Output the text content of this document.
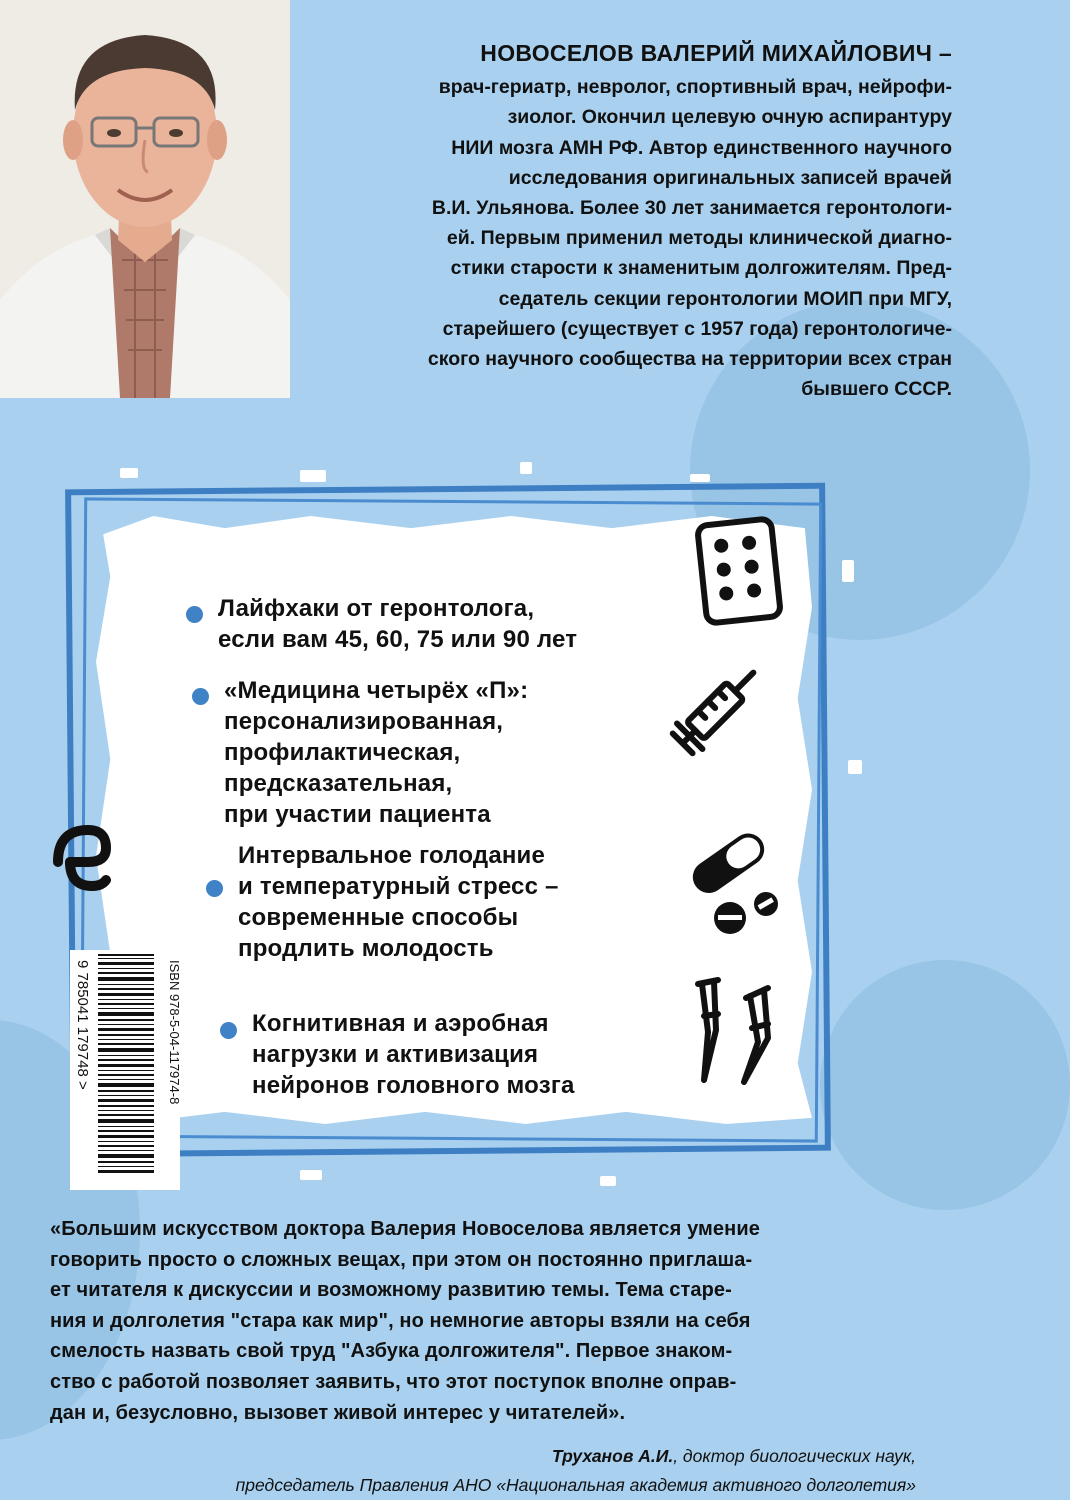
НОВОСЕЛОВ ВАЛЕРИЙ МИХАЙЛОВИЧ –
врач-гериатр, невролог, спортивный врач, нейрофи-
зиолог. Окончил целевую очную аспирантуру
НИИ мозга АМН РФ. Автор единственного научного
исследования оригинальных записей врачей
В.И. Ульянова. Более 30 лет занимается геронтологи-
ей. Первым применил методы клинической диагно-
стики старости к знаменитым долгожителям. Пред-
седатель секции геронтологии МОИП при МГУ,
старейшего (существует с 1957 года) геронтологиче-
ского научного сообщества на территории всех стран
бывшего СССР.
Лайфхаки от геронтолога,
если вам 45, 60, 75 или 90 лет
«Медицина четырёх «П»:
персонализированная,
профилактическая,
предсказательная,
при участии пациента
Интервальное голодание
и температурный стресс –
современные способы
продлить молодость
Когнитивная и аэробная
нагрузки и активизация
нейронов головного мозга
ISBN 978-5-04-117974-8
9 785041 179748 >
«Большим искусством доктора Валерия Новоселова является умение
говорить просто о сложных вещах, при этом он постоянно приглаша-
ет читателя к дискуссии и возможному развитию темы. Тема старе-
ния и долголетия "стара как мир", но немногие авторы взяли на себя
смелость назвать свой труд "Азбука долгожителя". Первое знаком-
ство с работой позволяет заявить, что этот поступок вполне оправ-
дан и, безусловно, вызовет живой интерес у читателей».
Труханов А.И., доктор биологических наук,
председатель Правления АНО «Национальная академия активного долголетия»
